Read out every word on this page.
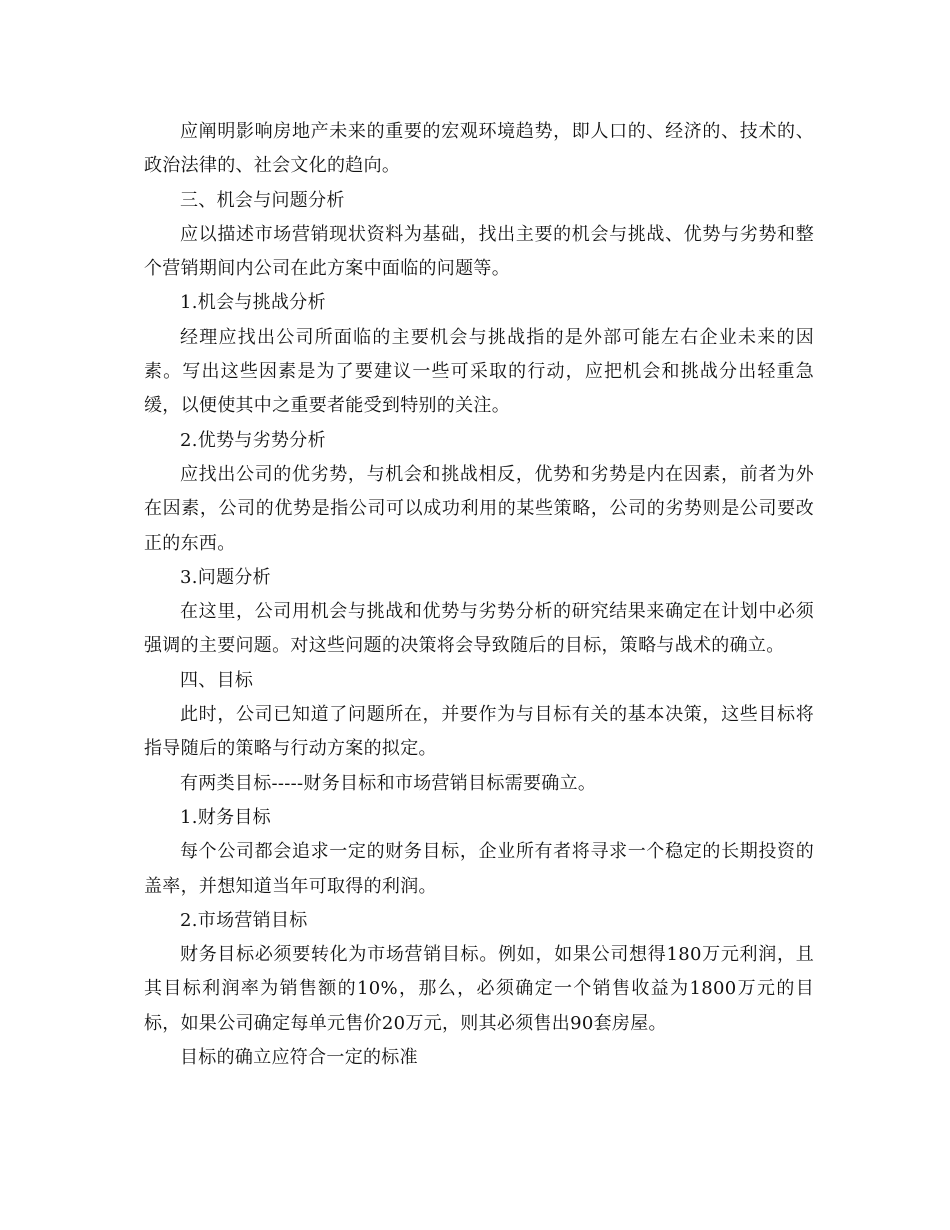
应阐明影响房地产未来的重要的宏观环境趋势，即人口的、经济的、技术的、政治法律的、社会文化的趋向。

三、机会与问题分析

应以描述市场营销现状资料为基础，找出主要的机会与挑战、优势与劣势和整个营销期间内公司在此方案中面临的问题等。

1.机会与挑战分析

经理应找出公司所面临的主要机会与挑战指的是外部可能左右企业未来的因素。写出这些因素是为了要建议一些可采取的行动，应把机会和挑战分出轻重急缓，以便使其中之重要者能受到特别的关注。

2.优势与劣势分析

应找出公司的优劣势，与机会和挑战相反，优势和劣势是内在因素，前者为外在因素，公司的优势是指公司可以成功利用的某些策略，公司的劣势则是公司要改正的东西。

3.问题分析

在这里，公司用机会与挑战和优势与劣势分析的研究结果来确定在计划中必须强调的主要问题。对这些问题的决策将会导致随后的目标，策略与战术的确立。

四、目标

此时，公司已知道了问题所在，并要作为与目标有关的基本决策，这些目标将指导随后的策略与行动方案的拟定。

有两类目标-----财务目标和市场营销目标需要确立。

1.财务目标

每个公司都会追求一定的财务目标，企业所有者将寻求一个稳定的长期投资的盖率，并想知道当年可取得的利润。

2.市场营销目标

财务目标必须要转化为市场营销目标。例如，如果公司想得180万元利润，且其目标利润率为销售额的10%，那么，必须确定一个销售收益为1800万元的目标，如果公司确定每单元售价20万元，则其必须售出90套房屋。

目标的确立应符合一定的标准
